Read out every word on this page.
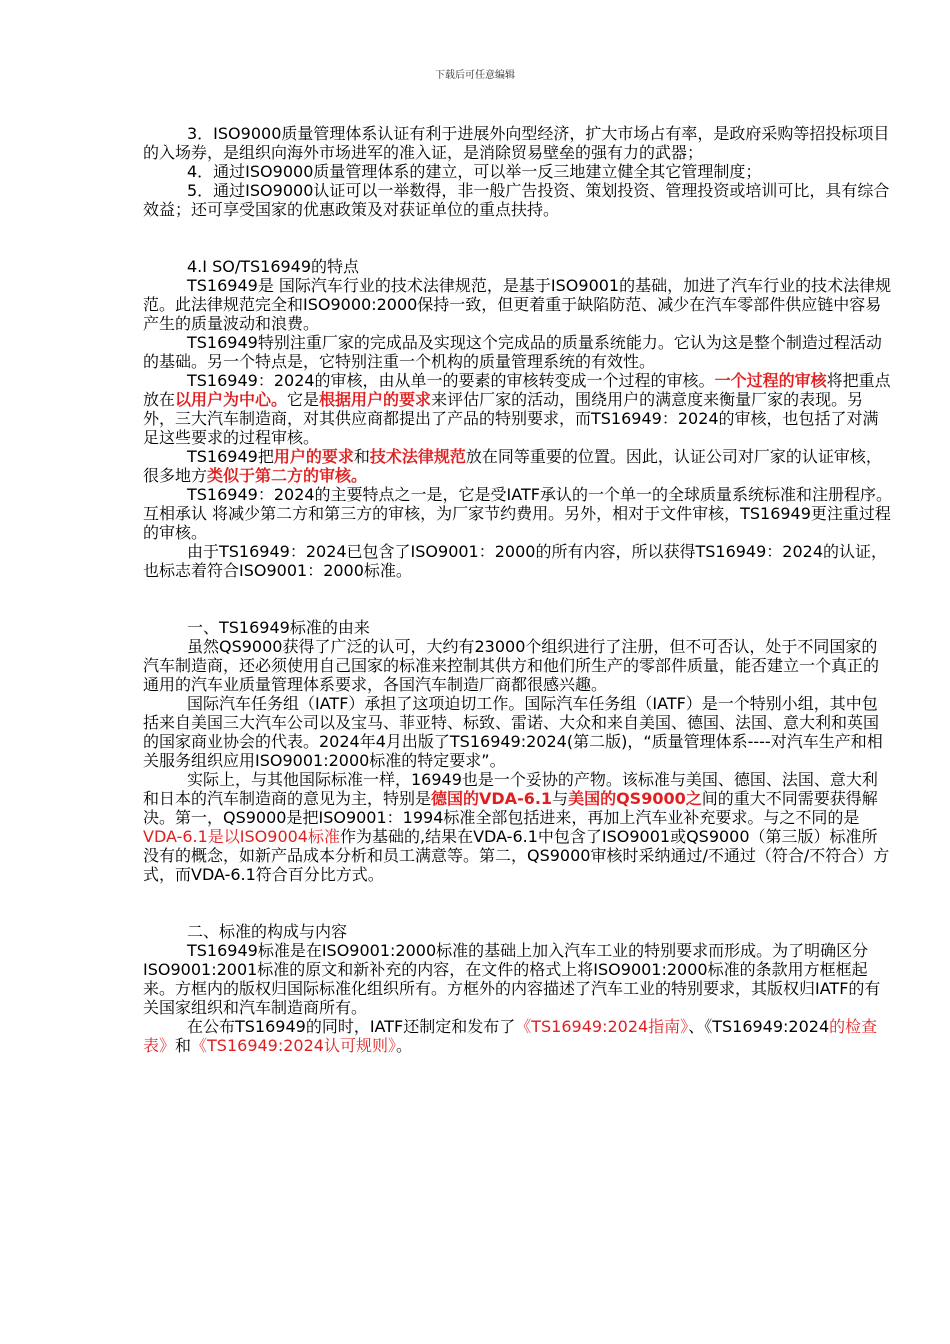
下载后可任意编辑

3．ISO9000质量管理体系认证有利于进展外向型经济，扩大市场占有率，是政府采购等招投标项目的入场券，是组织向海外市场进军的准入证，是消除贸易壁垒的强有力的武器；

4．通过ISO9000质量管理体系的建立，可以举一反三地建立健全其它管理制度；

5．通过ISO9000认证可以一举数得，非一般广告投资、策划投资、管理投资或培训可比，具有综合效益；还可享受国家的优惠政策及对获证单位的重点扶持。

4.I SO/TS16949的特点

TS16949是 国际汽车行业的技术法律规范，是基于ISO9001的基础，加进了汽车行业的技术法律规范。此法律规范完全和ISO9000:2000保持一致，但更着重于缺陷防范、减少在汽车零部件供应链中容易产生的质量波动和浪费。

TS16949特别注重厂家的完成品及实现这个完成品的质量系统能力。它认为这是整个制造过程活动的基础。另一个特点是，它特别注重一个机构的质量管理系统的有效性。

TS16949：2024的审核，由从单一的要素的审核转变成一个过程的审核。一个过程的审核将把重点放在以用户为中心。它是根据用户的要求来评估厂家的活动，围绕用户的满意度来衡量厂家的表现。另外，三大汽车制造商，对其供应商都提出了产品的特别要求，而TS16949：2024的审核，也包括了对满足这些要求的过程审核。

TS16949把用户的要求和技术法律规范放在同等重要的位置。因此，认证公司对厂家的认证审核，很多地方类似于第二方的审核。

TS16949：2024的主要特点之一是，它是受IATF承认的一个单一的全球质量系统标准和注册程序。互相承认 将减少第二方和第三方的审核，为厂家节约费用。另外，相对于文件审核，TS16949更注重过程的审核。

由于TS16949：2024已包含了ISO9001：2000的所有内容，所以获得TS16949：2024的认证，也标志着符合ISO9001：2000标准。

一、TS16949标准的由来

虽然QS9000获得了广泛的认可，大约有23000个组织进行了注册，但不可否认，处于不同国家的汽车制造商，还必须使用自己国家的标准来控制其供方和他们所生产的零部件质量，能否建立一个真正的通用的汽车业质量管理体系要求，各国汽车制造厂商都很感兴趣。

国际汽车任务组（IATF）承担了这项迫切工作。国际汽车任务组（IATF）是一个特别小组，其中包括来自美国三大汽车公司以及宝马、菲亚特、标致、雷诺、大众和来自美国、德国、法国、意大利和英国的国家商业协会的代表。2024年4月出版了TS16949:2024(第二版)，“质量管理体系----对汽车生产和相关服务组织应用ISO9001:2000标准的特定要求”。

实际上，与其他国际标准一样，16949也是一个妥协的产物。该标准与美国、德国、法国、意大利和日本的汽车制造商的意见为主，特别是德国的VDA-6.1与美国的QS9000之间的重大不同需要获得解决。第一，QS9000是把ISO9001：1994标准全部包括进来，再加上汽车业补充要求。与之不同的是VDA-6.1是以ISO9004标准作为基础的,结果在VDA-6.1中包含了ISO9001或QS9000（第三版）标准所没有的概念，如新产品成本分析和员工满意等。第二，QS9000审核时采纳通过/不通过（符合/不符合）方式，而VDA-6.1符合百分比方式。

二、标准的构成与内容

TS16949标准是在ISO9001:2000标准的基础上加入汽车工业的特别要求而形成。为了明确区分ISO9001:2001标准的原文和新补充的内容，在文件的格式上将ISO9001:2000标准的条款用方框框起来。方框内的版权归国际标准化组织所有。方框外的内容描述了汽车工业的特别要求，其版权归IATF的有关国家组织和汽车制造商所有。

在公布TS16949的同时，IATF还制定和发布了《TS16949:2024指南》、《TS16949:2024的检查表》和《TS16949:2024认可规则》。
